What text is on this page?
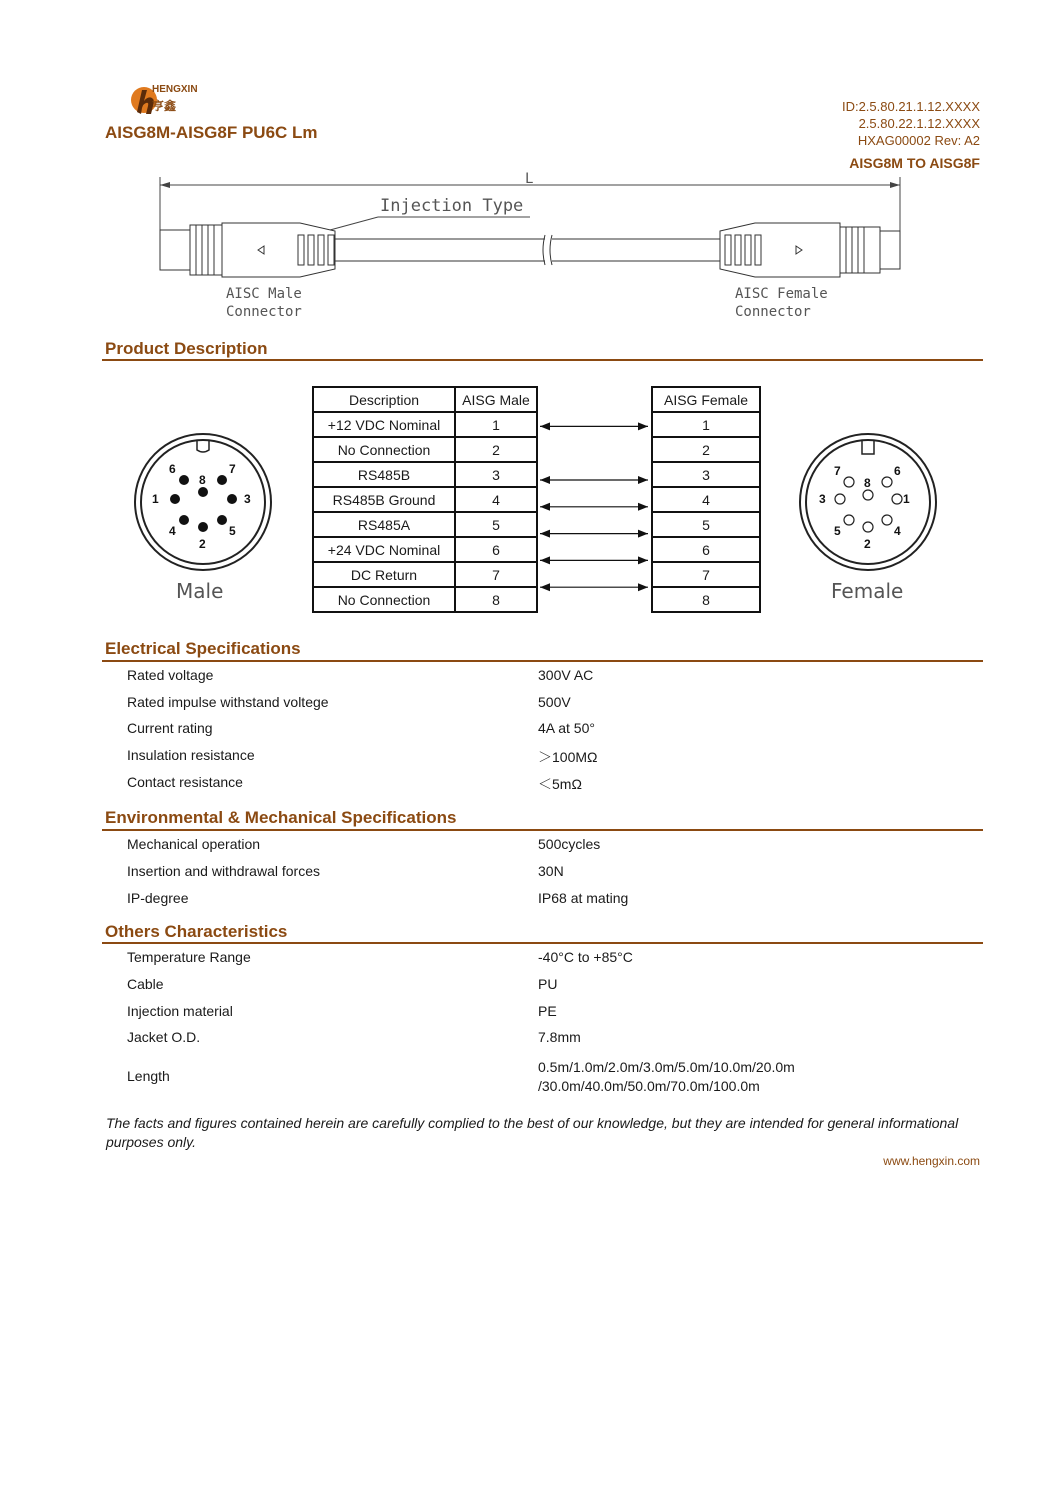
HENGXIN
亨鑫
AISG8M-AISG8F PU6C Lm
ID:2.5.80.21.1.12.XXXX
2.5.80.22.1.12.XXXX
HXAG00002 Rev: A2
AISG8M TO AISG8F
L
Injection Type
AISC Male
Connector
AISC Female
Connector
Product Description
1
2
3
4	5
6	7
8
Male
Description	AISG Male
+12 VDC Nominal	1
No Connection	2
RS485B	3
RS485B Ground	4
RS485A	5
+24 VDC Nominal	6
DC Return	7
No Connection	8
AISG Female
1
2
3
4
5
6
7
8
1
2
3
4
5
6
7
8
Female
Electrical Specifications
Rated voltage	300V AC
Rated impulse withstand voltege	500V
Current rating	4A at 50°
Insulation resistance	＞100MΩ
Contact resistance	＜5mΩ
Environmental & Mechanical Specifications
Mechanical operation	500cycles
Insertion and withdrawal forces	30N
IP-degree	IP68 at mating
Others Characteristics
Temperature Range	-40°C to +85°C
Cable	PU
Injection material	PE
Jacket O.D.	7.8mm
Length
0.5m/1.0m/2.0m/3.0m/5.0m/10.0m/20.0m
/30.0m/40.0m/50.0m/70.0m/100.0m
The facts and figures contained herein are carefully complied to the best of our knowledge, but they are intended for general informational purposes only.
www.hengxin.com
